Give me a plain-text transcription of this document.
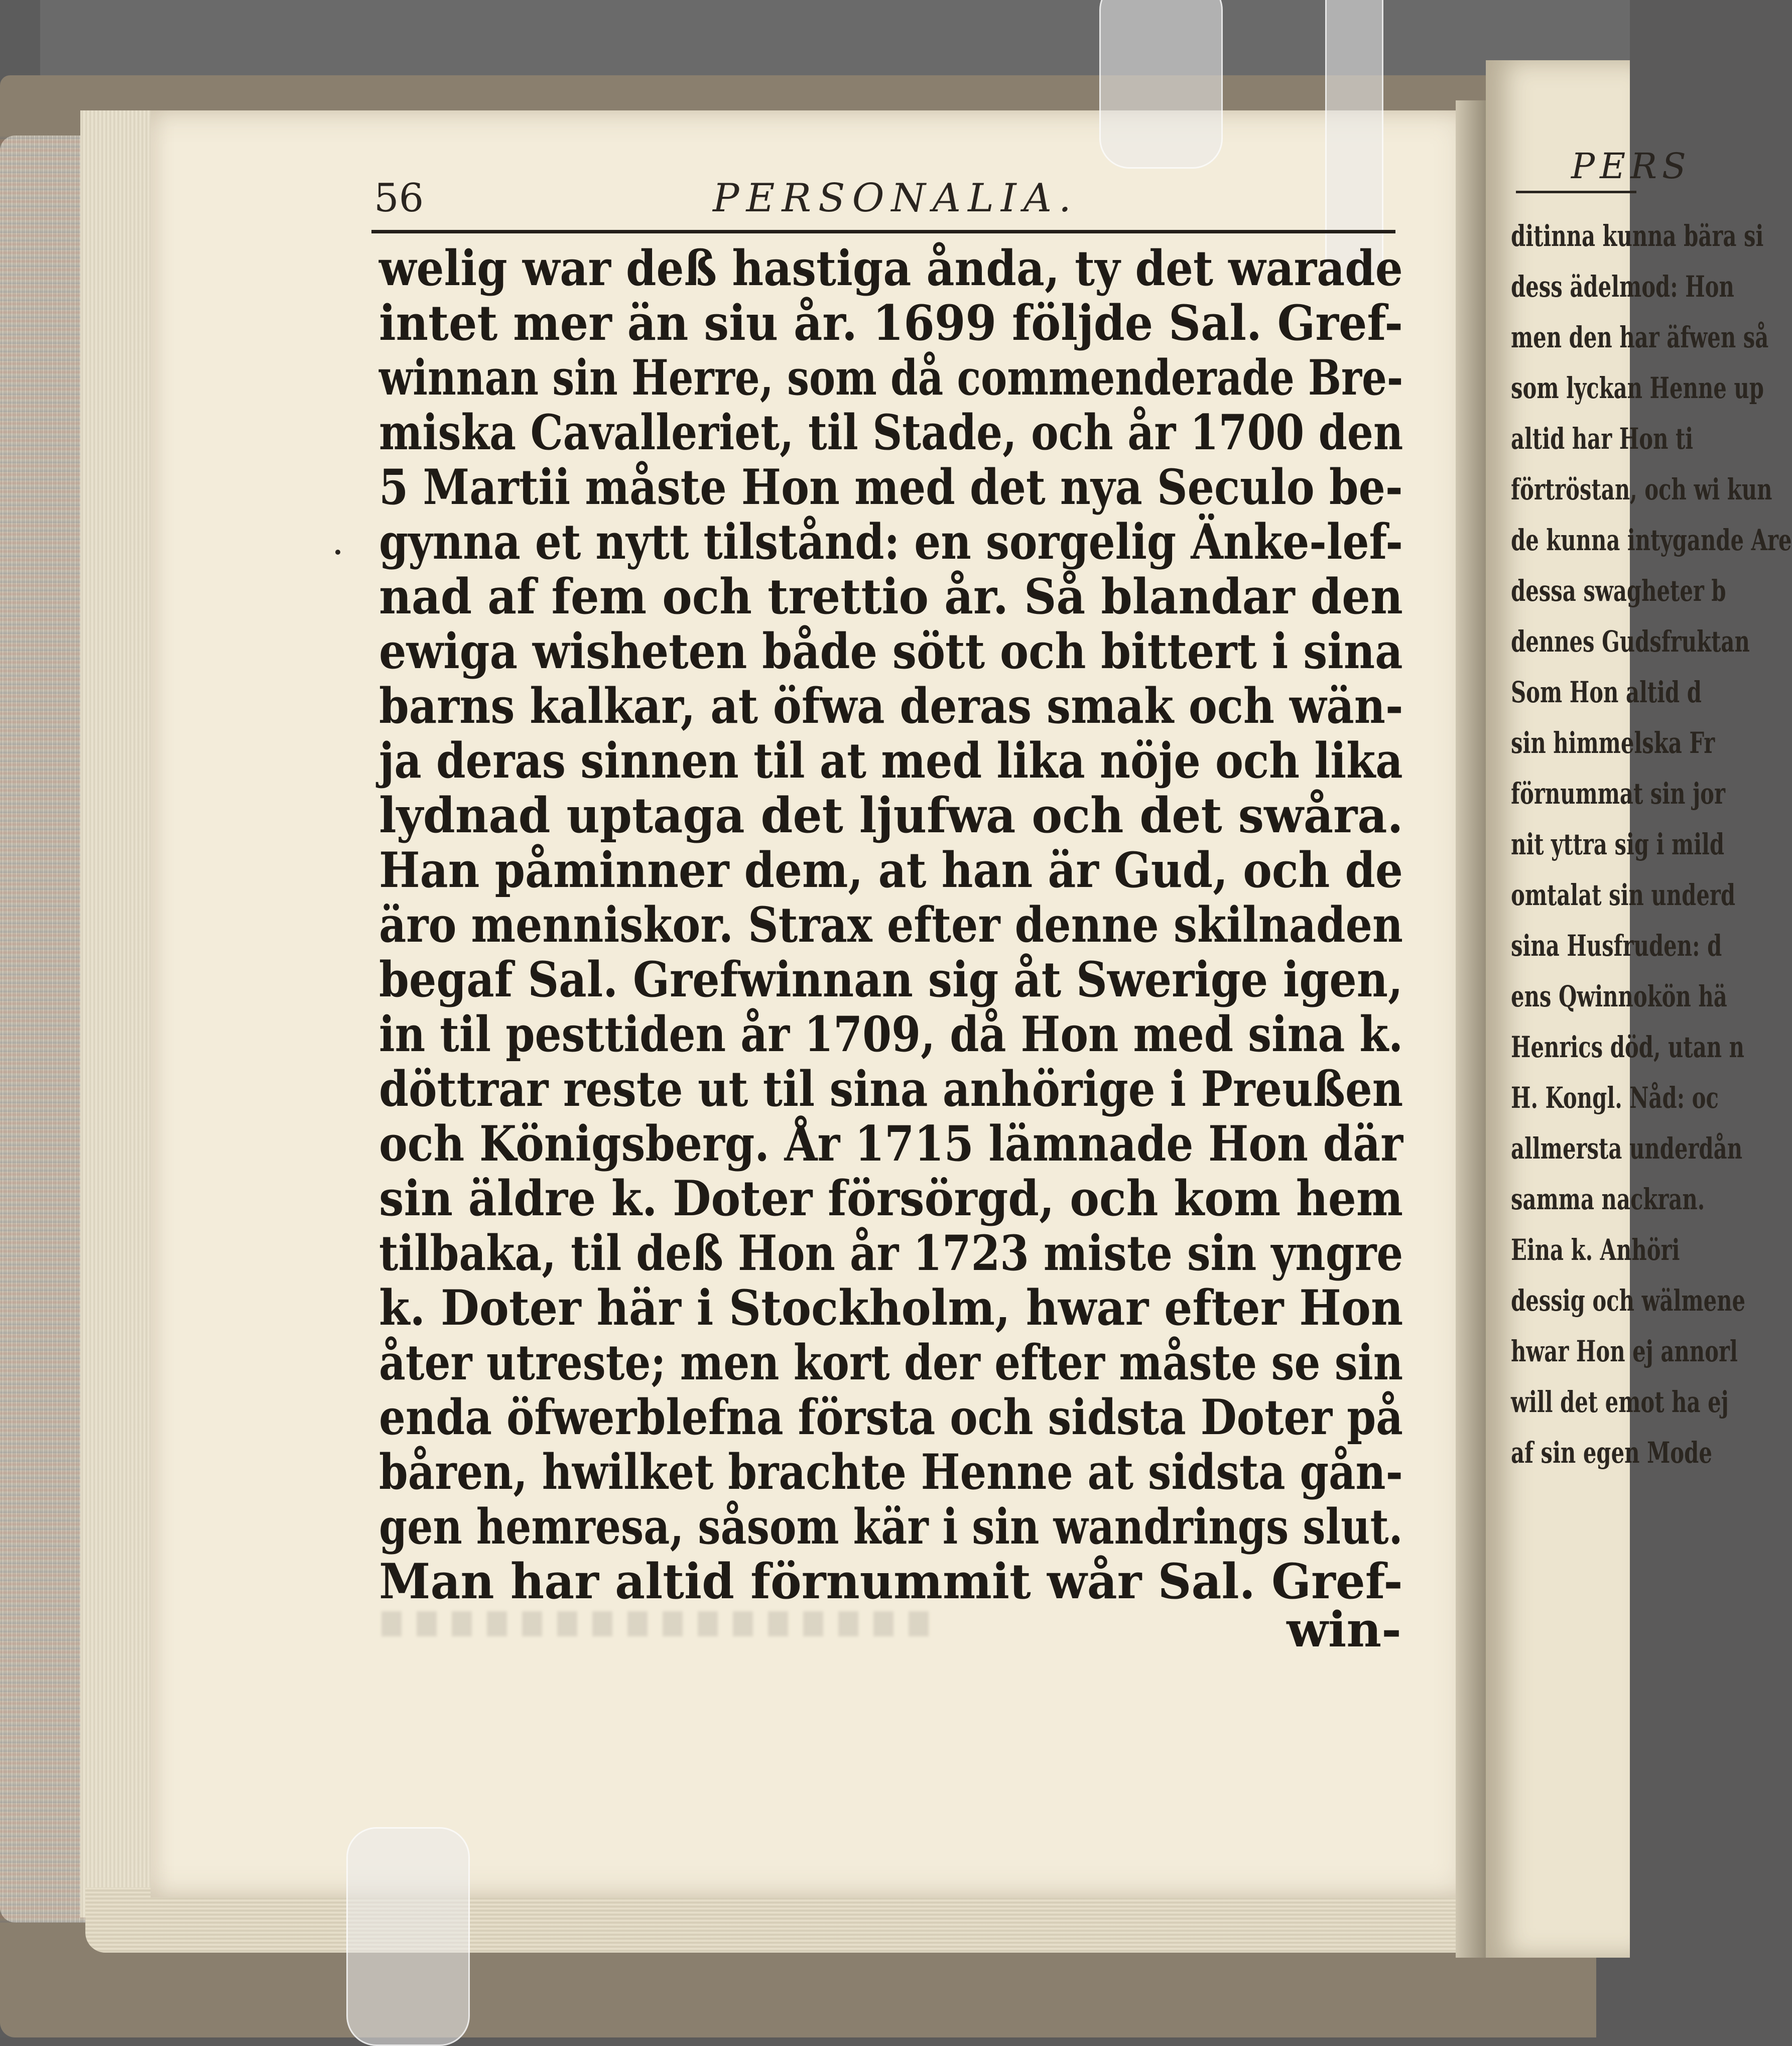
PERS
ditinna kunna bära si
dess ädelmod: Hon
men den har äfwen så
som lyckan Henne up
altid har Hon ti
förtröstan, och wi kun
de kunna intygande Are
dessa swagheter b
dennes Gudsfruktan
Som Hon altid d
sin himmelska Fr
förnummat sin jor
nit yttra sig i mild
omtalat sin underd
sina Husfruden: d
ens Qwinnokön hä
Henrics död, utan n
H. Kongl. Nåd: oc
allmersta underdån
samma nackran.
Eina k. Anhöri
dessig och wälmene
hwar Hon ej annorl
will det emot ha ej
af sin egen Mode
56	PERSONALIA.
welig war deß hastiga ånda, ty det warade
intet mer än siu år. 1699 följde Sal. Gref-
winnan sin Herre, som då commenderade Bre-
miska Cavalleriet, til Stade, och år 1700 den
5 Martii måste Hon med det nya Seculo be-
gynna et nytt tilstånd: en sorgelig Änke-lef-
nad af fem och trettio år. Så blandar den
ewiga wisheten både sött och bittert i sina
barns kalkar, at öfwa deras smak och wän-
ja deras sinnen til at med lika nöje och lika
lydnad uptaga det ljufwa och det swåra.
Han påminner dem, at han är Gud, och de
äro menniskor. Strax efter denne skilnaden
begaf Sal. Grefwinnan sig åt Swerige igen,
in til pesttiden år 1709, då Hon med sina k.
döttrar reste ut til sina anhörige i Preußen
och Königsberg. År 1715 lämnade Hon där
sin äldre k. Doter försörgd, och kom hem
tilbaka, til deß Hon år 1723 miste sin yngre
k. Doter här i Stockholm, hwar efter Hon
åter utreste; men kort der efter måste se sin
enda öfwerblefna första och sidsta Doter på
båren, hwilket brachte Henne at sidsta gån-
gen hemresa, såsom kär i sin wandrings slut.
Man har altid förnummit wår Sal. Gref-
win-
